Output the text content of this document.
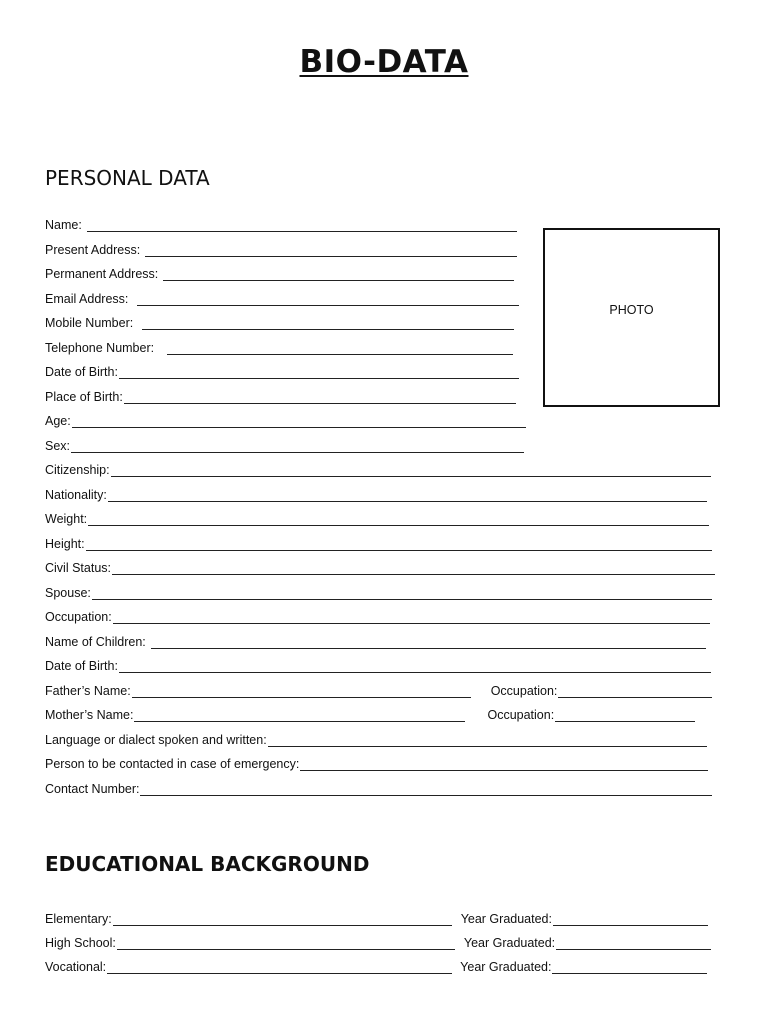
BIO-DATA
PERSONAL DATA
PHOTO
Name:
Present Address:
Permanent Address:
Email Address:
Mobile Number:
Telephone Number:
Date of Birth:
Place of Birth:
Age:
Sex:
Citizenship:
Nationality:
Weight:
Height:
Civil Status:
Spouse:
Occupation:
Name of Children:
Date of Birth:
Father’s Name:	Occupation:
Mother’s Name:	Occupation:
Language or dialect spoken and written:
Person to be contacted in case of emergency:
Contact Number:
EDUCATIONAL BACKGROUND
Elementary:	Year Graduated:
High School:	Year Graduated:
Vocational:	Year Graduated:
